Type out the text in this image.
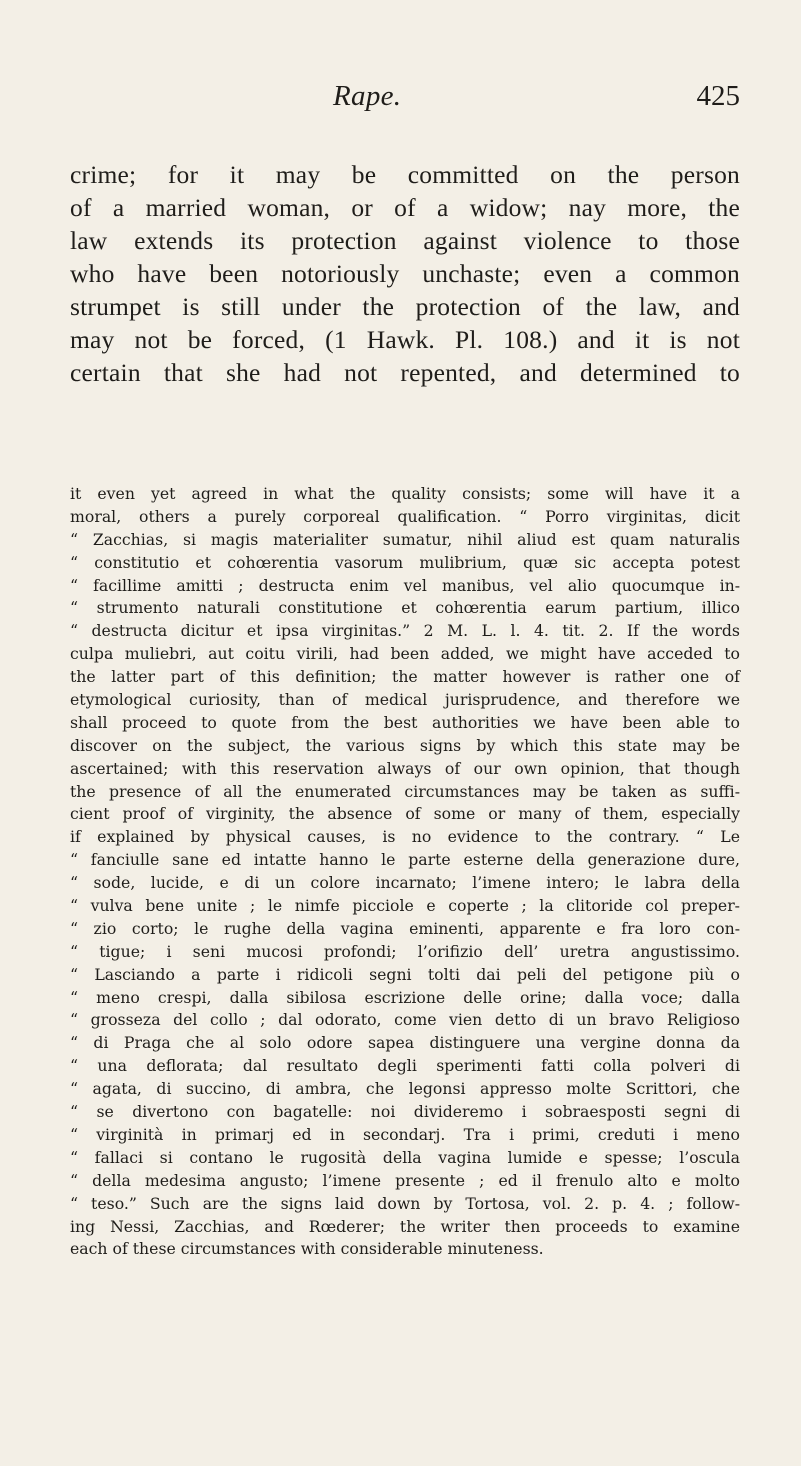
Rape.	425
crime; for it may be committed on the person
of a married woman, or of a widow; nay more, the
law extends its protection against violence to those
who have been notoriously unchaste; even a common
strumpet is still under the protection of the law, and
may not be forced, (1 Hawk. Pl. 108.) and it is not
certain that she had not repented, and determined to
it even yet agreed in what the quality consists; some will have it a
moral, others a purely corporeal qualification. “ Porro virginitas, dicit
“ Zacchias, si magis materialiter sumatur, nihil aliud est quam naturalis
“ constitutio et cohœrentia vasorum mulibrium, quæ sic accepta potest
“ facillime amitti ; destructa enim vel manibus, vel alio quocumque in-
“ strumento naturali constitutione et cohœrentia earum partium, illico
“ destructa dicitur et ipsa virginitas.” 2 M. L. l. 4. tit. 2. If the words
culpa muliebri, aut coitu virili, had been added, we might have acceded to
the latter part of this definition; the matter however is rather one of
etymological curiosity, than of medical jurisprudence, and therefore we
shall proceed to quote from the best authorities we have been able to
discover on the subject, the various signs by which this state may be
ascertained; with this reservation always of our own opinion, that though
the presence of all the enumerated circumstances may be taken as suffi-
cient proof of virginity, the absence of some or many of them, especially
if explained by physical causes, is no evidence to the contrary. “ Le
“ fanciulle sane ed intatte hanno le parte esterne della generazione dure,
“ sode, lucide, e di un colore incarnato; l’imene intero; le labra della
“ vulva bene unite ; le nimfe picciole e coperte ; la clitoride col preper-
“ zio corto; le rughe della vagina eminenti, apparente e fra loro con-
“ tigue; i seni mucosi profondi; l’orifizio dell’ uretra angustissimo.
“ Lasciando a parte i ridicoli segni tolti dai peli del petigone più o
“ meno crespi, dalla sibilosa escrizione delle orine; dalla voce; dalla
“ grosseza del collo ; dal odorato, come vien detto di un bravo Religioso
“ di Praga che al solo odore sapea distinguere una vergine donna da
“ una deflorata; dal resultato degli sperimenti fatti colla polveri di
“ agata, di succino, di ambra, che legonsi appresso molte Scrittori, che
“ se divertono con bagatelle: noi divideremo i sobraesposti segni di
“ virginità in primarj ed in secondarj. Tra i primi, creduti i meno
“ fallaci si contano le rugosità della vagina lumide e spesse; l’oscula
“ della medesima angusto; l’imene presente ; ed il frenulo alto e molto
“ teso.” Such are the signs laid down by Tortosa, vol. 2. p. 4. ; follow-
ing Nessi, Zacchias, and Rœderer; the writer then proceeds to examine
each of these circumstances with considerable minuteness.
